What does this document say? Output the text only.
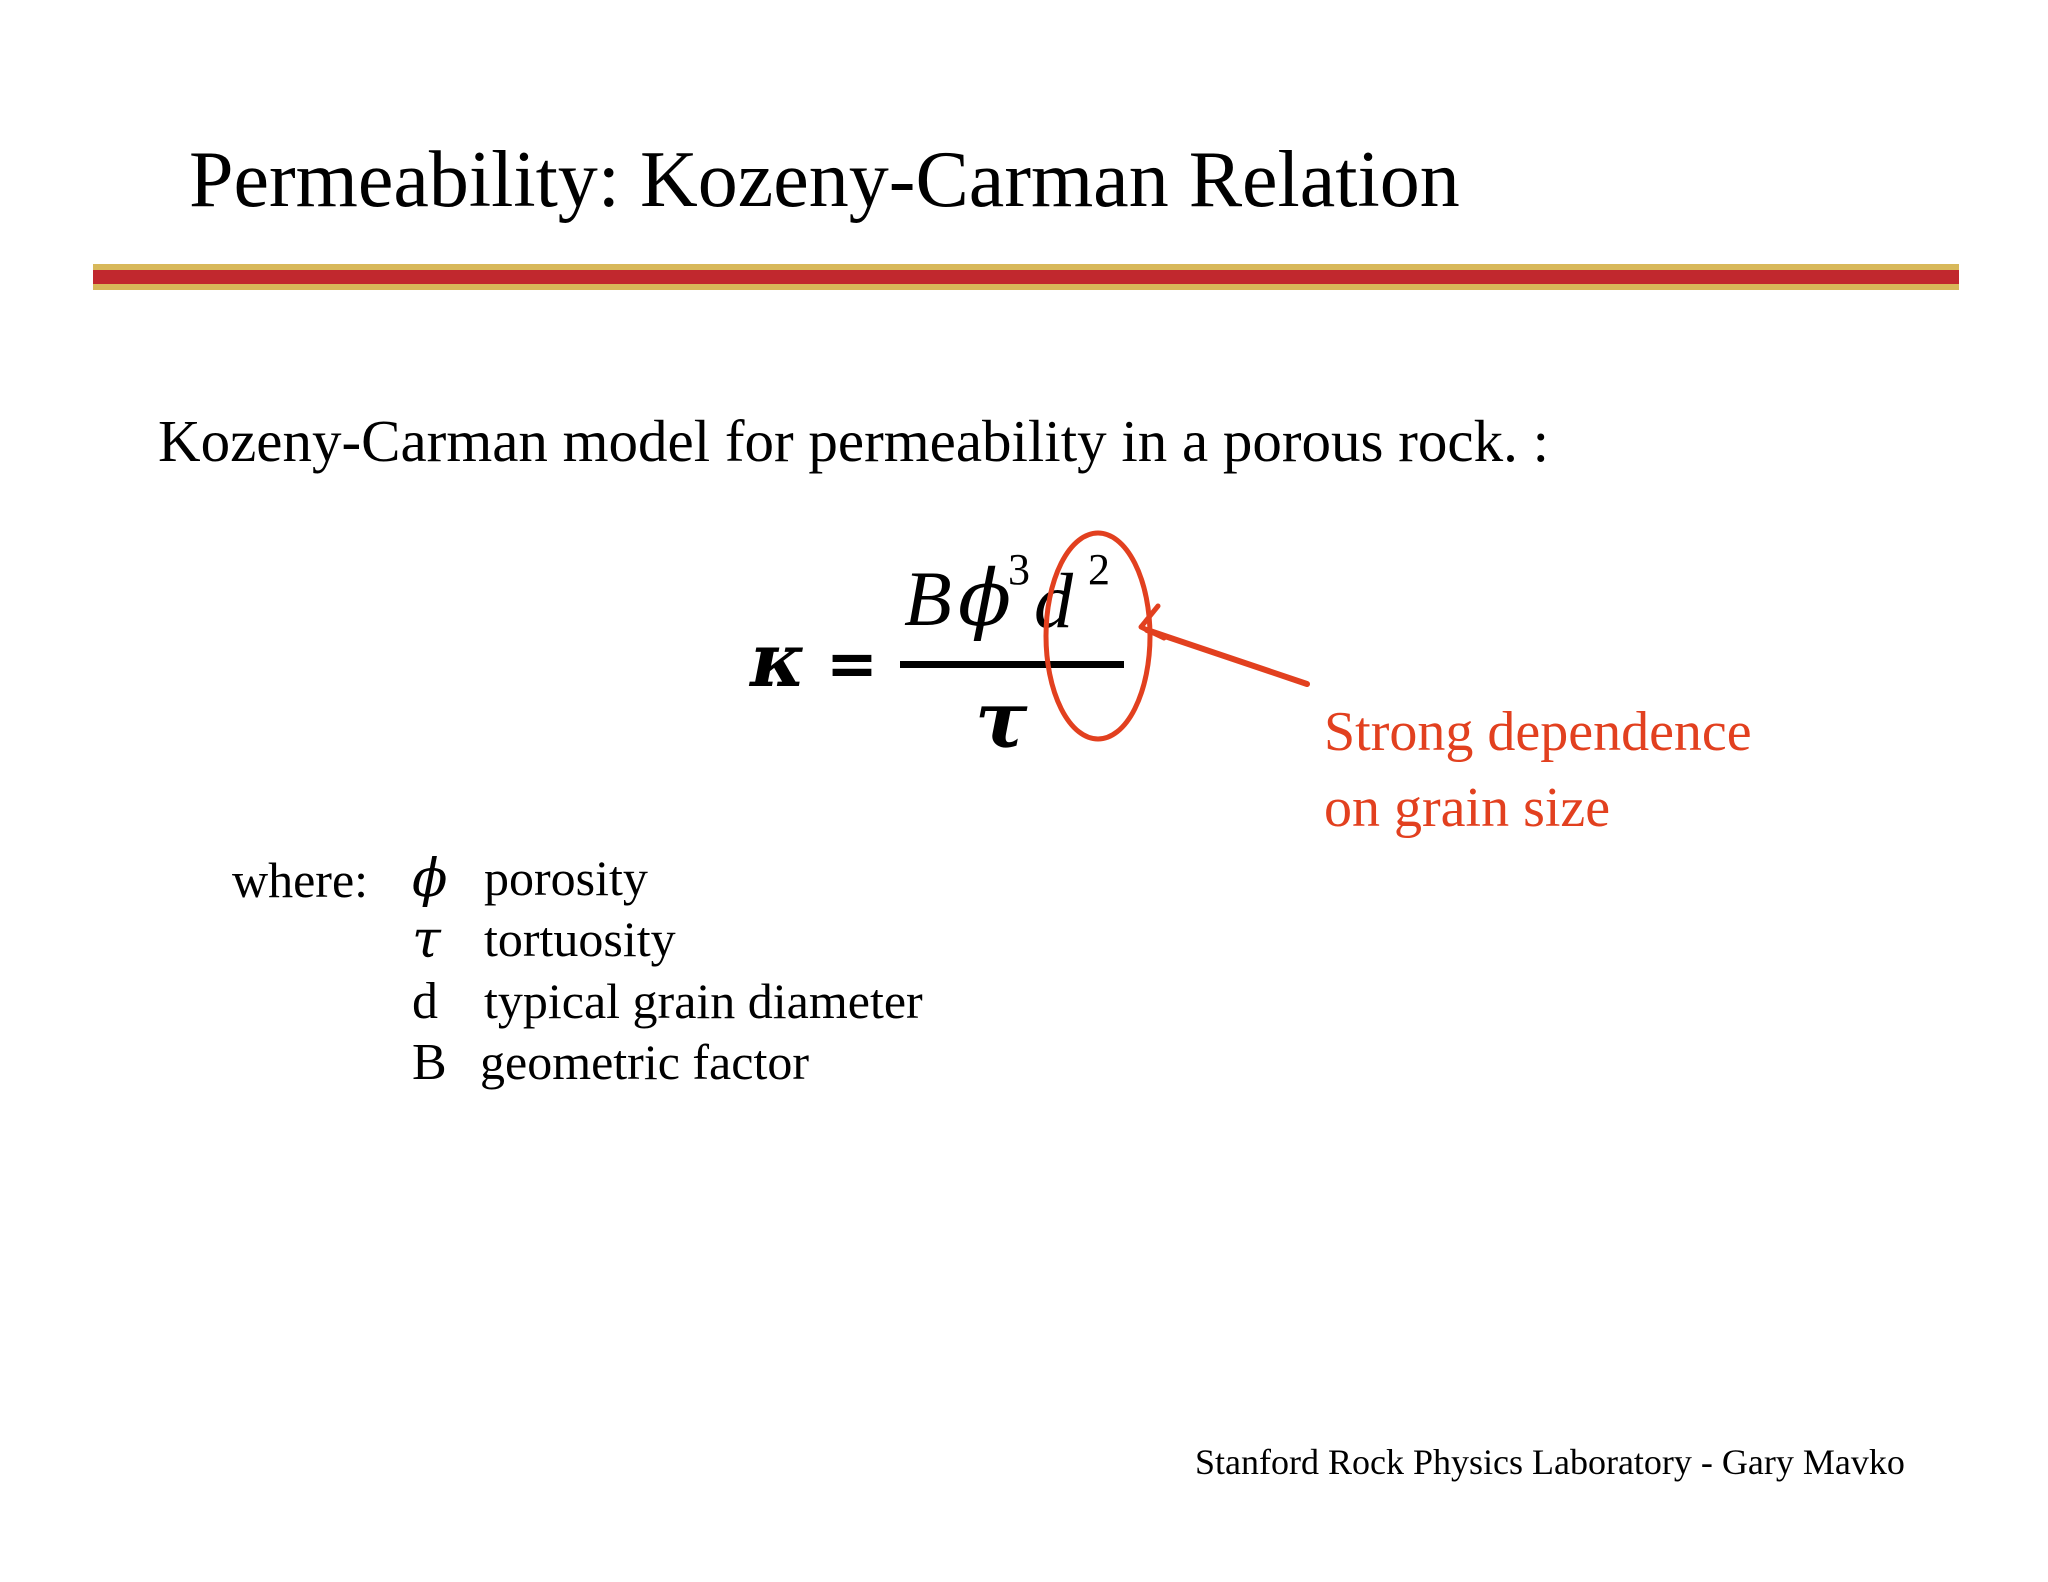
Permeability: Kozeny-Carman Relation
Kozeny-Carman model for permeability in a porous rock. :
κ =
B ϕ
3 d 2
τ	Strong dependence
on grain size
where: ϕ porosity
τ tortuosity
d typical grain diameter
B geometric factor
Stanford Rock Physics Laboratory - Gary Mavko
